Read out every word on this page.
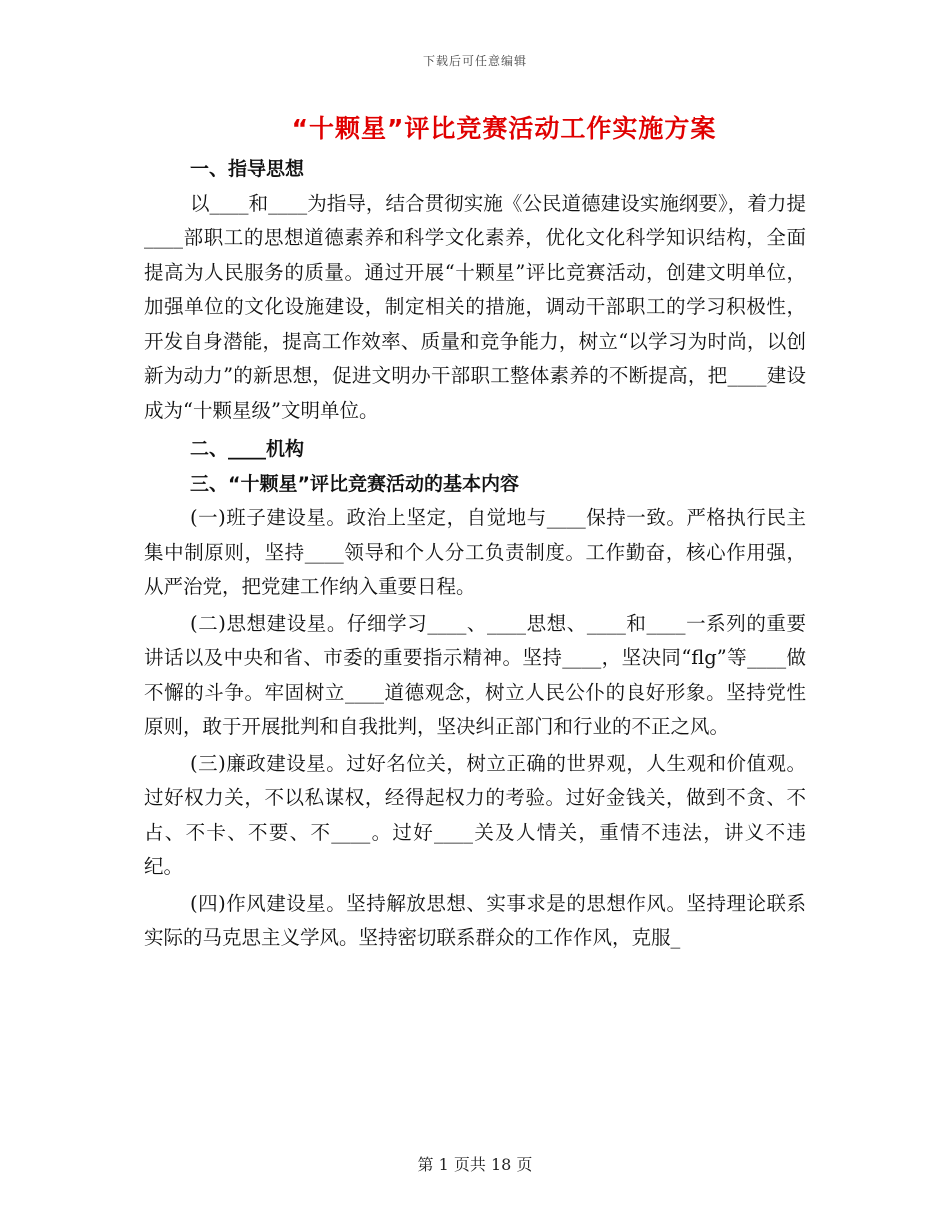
下载后可任意编辑
“十颗星”评比竞赛活动工作实施方案

一、指导思想

以____和____为指导，结合贯彻实施《公民道德建设实施纲要》，着力提____部职工的思想道德素养和科学文化素养，优化文化科学知识结构，全面提高为人民服务的质量。通过开展“十颗星”评比竞赛活动，创建文明单位，加强单位的文化设施建设，制定相关的措施，调动干部职工的学习积极性，开发自身潜能，提高工作效率、质量和竞争能力，树立“以学习为时尚，以创新为动力”的新思想，促进文明办干部职工整体素养的不断提高，把____建设成为“十颗星级”文明单位。

二、____机构

三、“十颗星”评比竞赛活动的基本内容

(一)班子建设星。政治上坚定，自觉地与____保持一致。严格执行民主集中制原则，坚持____领导和个人分工负责制度。工作勤奋，核心作用强，从严治党，把党建工作纳入重要日程。

(二)思想建设星。仔细学习____、____思想、____和____一系列的重要讲话以及中央和省、市委的重要指示精神。坚持____，坚决同“flg”等____做不懈的斗争。牢固树立____道德观念，树立人民公仆的良好形象。坚持党性原则，敢于开展批判和自我批判，坚决纠正部门和行业的不正之风。

(三)廉政建设星。过好名位关，树立正确的世界观，人生观和价值观。过好权力关，不以私谋权，经得起权力的考验。过好金钱关，做到不贪、不占、不卡、不要、不____。过好____关及人情关，重情不违法，讲义不违纪。

(四)作风建设星。坚持解放思想、实事求是的思想作风。坚持理论联系实际的马克思主义学风。坚持密切联系群众的工作作风，克服_

第 1 页共 18 页
